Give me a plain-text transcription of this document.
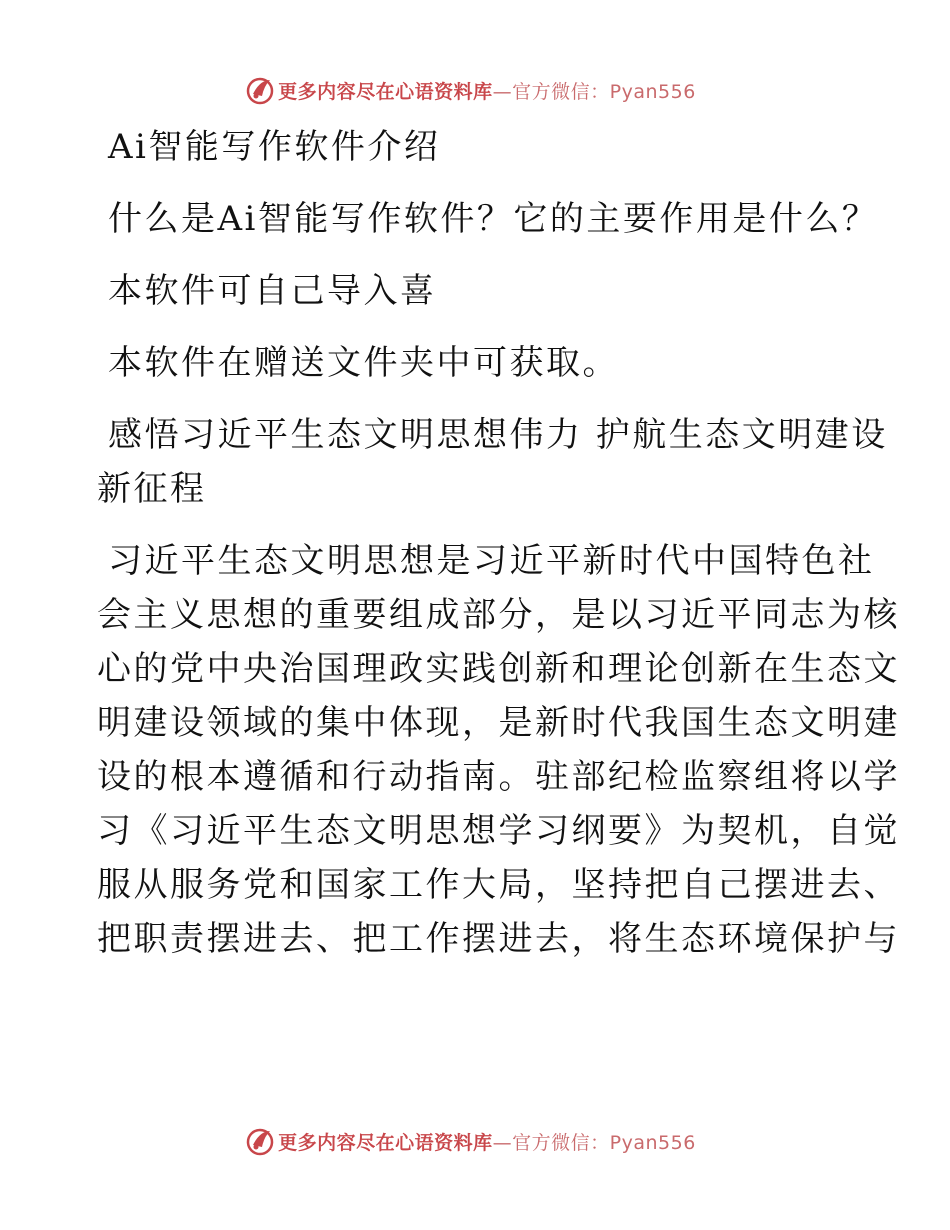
更多内容尽在心语资料库—官方微信：Pyan556

Ai智能写作软件介绍

什么是Ai智能写作软件？它的主要作用是什么？

本软件可自己导入喜

本软件在赠送文件夹中可获取。

感悟习近平生态文明思想伟力 护航生态文明建设

新征程

习近平生态文明思想是习近平新时代中国特色社

会主义思想的重要组成部分，是以习近平同志为核

心的党中央治国理政实践创新和理论创新在生态文

明建设领域的集中体现，是新时代我国生态文明建

设的根本遵循和行动指南。驻部纪检监察组将以学

习《习近平生态文明思想学习纲要》为契机，自觉

服从服务党和国家工作大局，坚持把自己摆进去、

把职责摆进去、把工作摆进去，将生态环境保护与

更多内容尽在心语资料库—官方微信：Pyan556
